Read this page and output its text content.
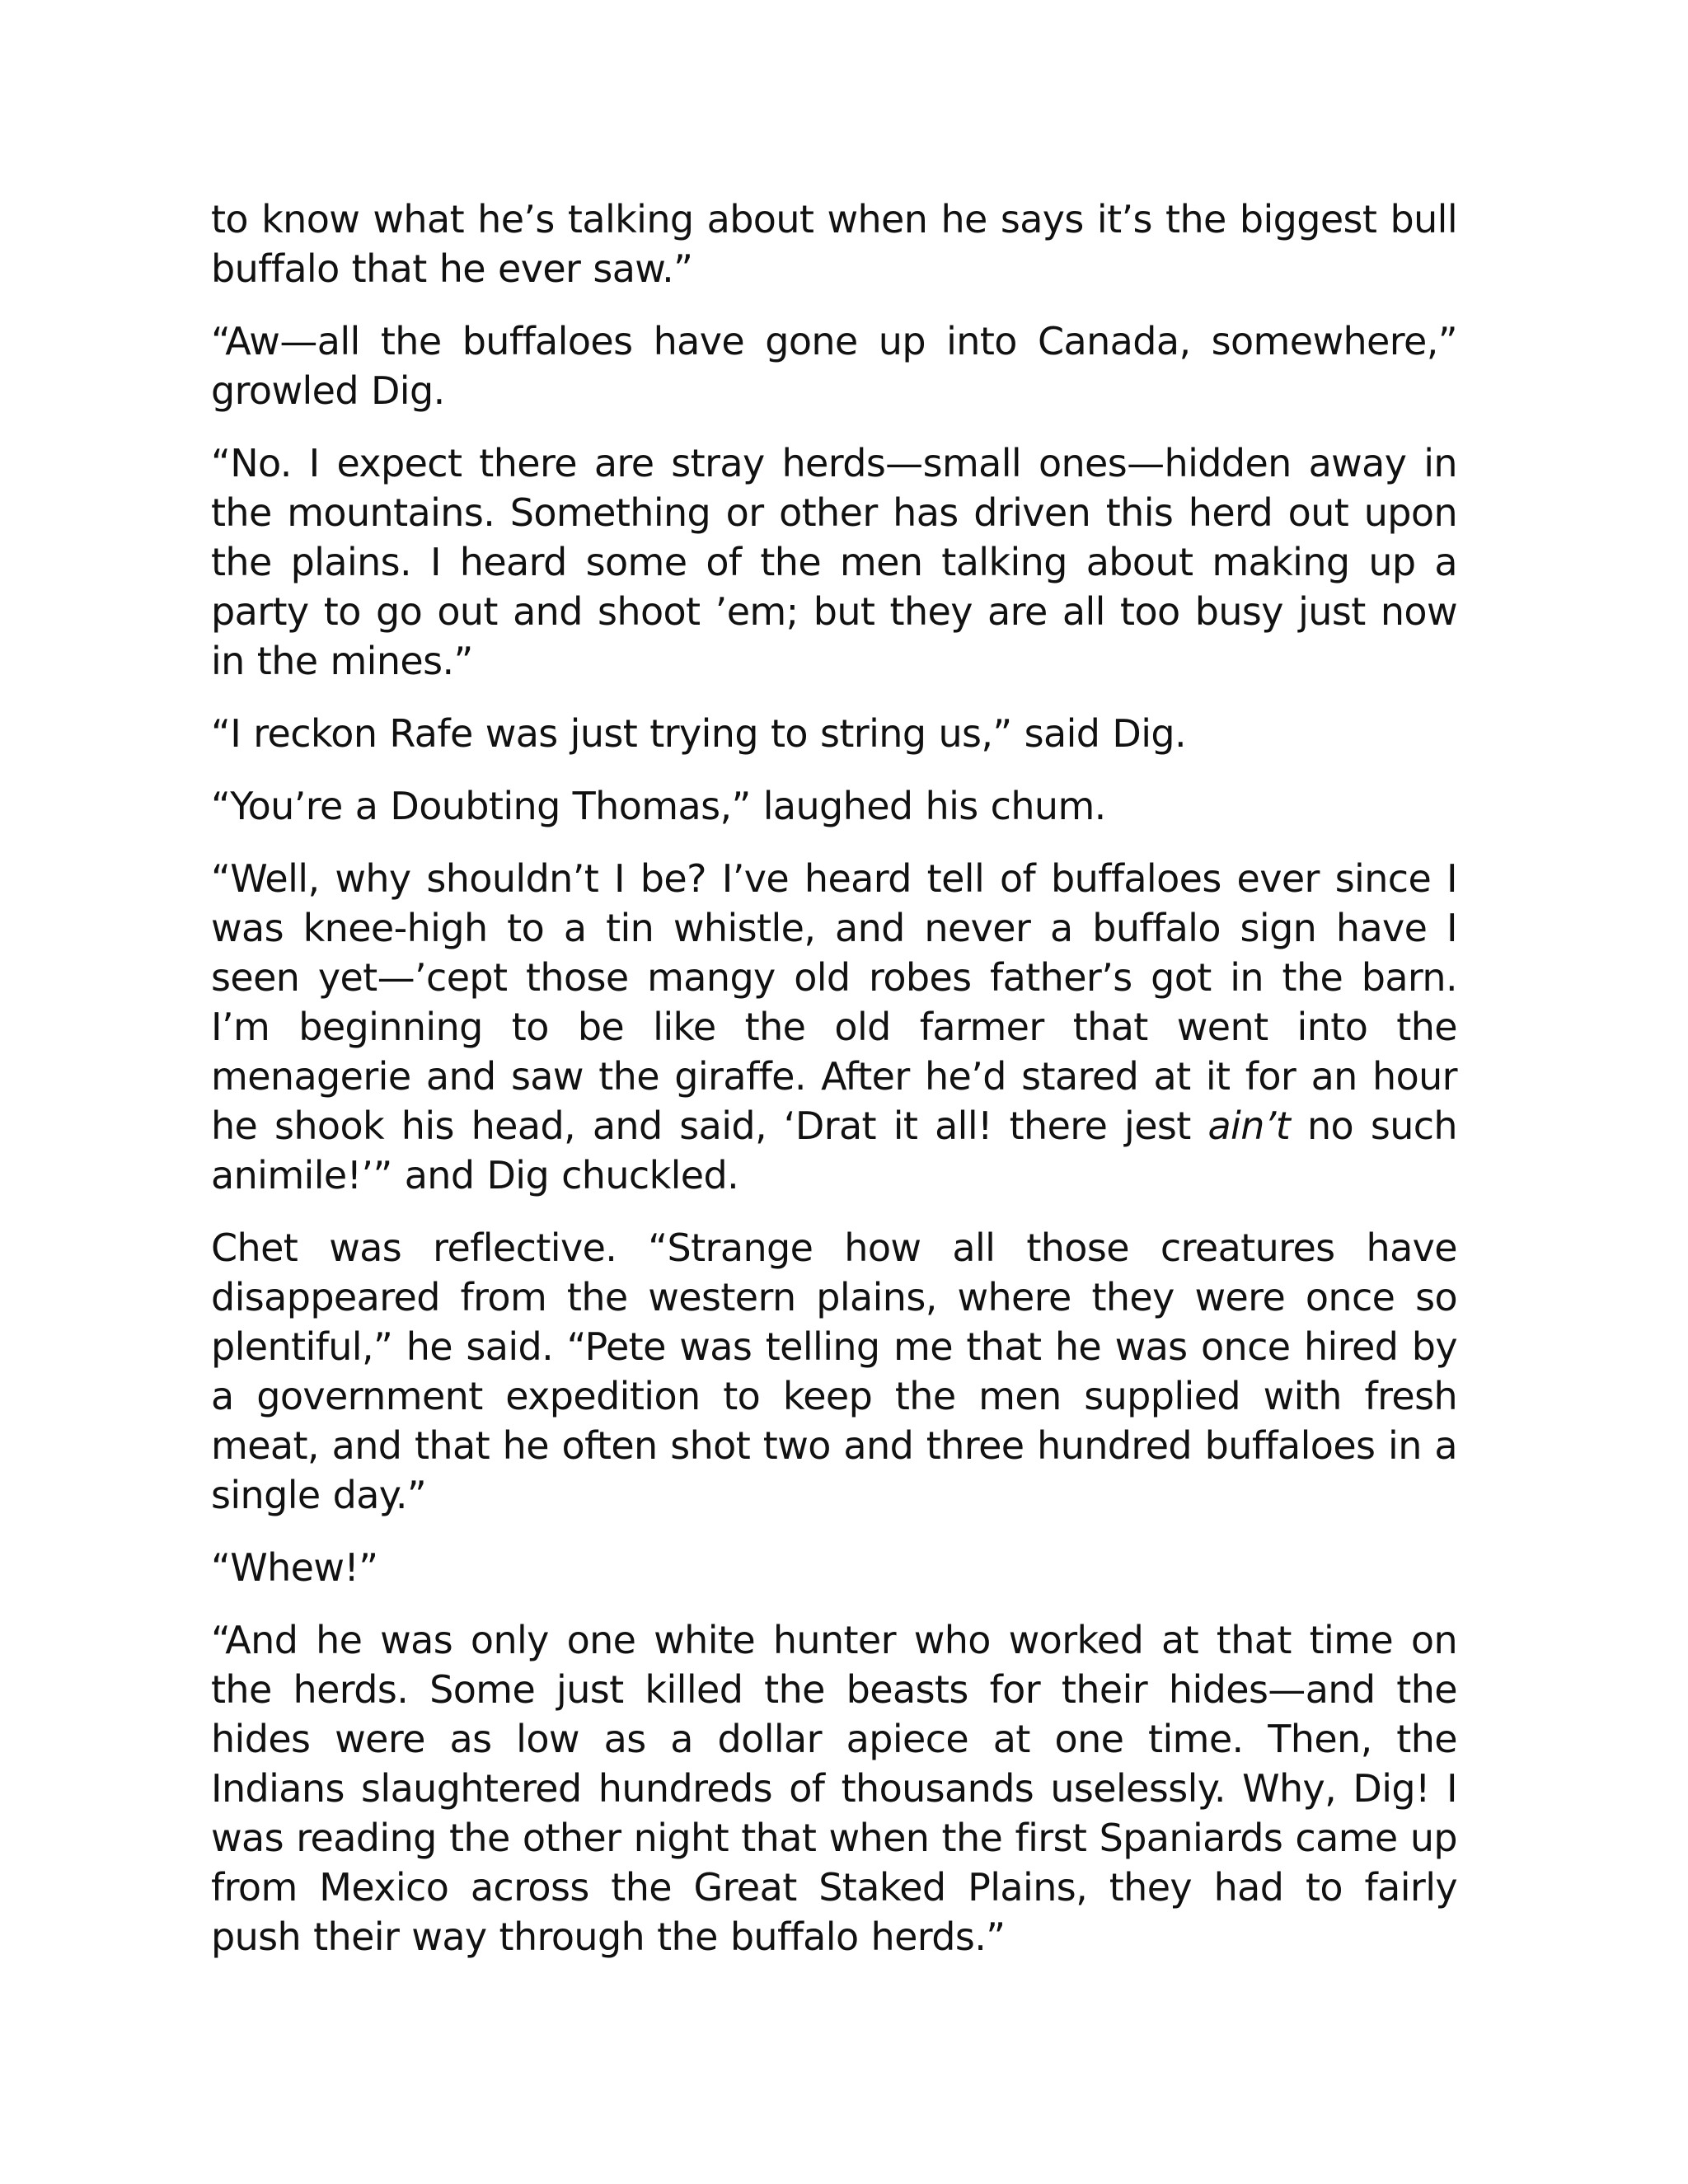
to know what he’s talking about when he says it’s the biggest bull buffalo that he ever saw.”

“Aw—all the buffaloes have gone up into Canada, somewhere,” growled Dig.

“No. I expect there are stray herds—small ones—hidden away in the mountains. Something or other has driven this herd out upon the plains. I heard some of the men talking about making up a party to go out and shoot ’em; but they are all too busy just now in the mines.”

“I reckon Rafe was just trying to string us,” said Dig.

“You’re a Doubting Thomas,” laughed his chum.

“Well, why shouldn’t I be? I’ve heard tell of buffaloes ever since I was knee-high to a tin whistle, and never a buffalo sign have I seen yet—’cept those mangy old robes father’s got in the barn. I’m beginning to be like the old farmer that went into the menagerie and saw the giraffe. After he’d stared at it for an hour he shook his head, and said, ‘Drat it all! there jest ain’t no such animile!’” and Dig chuckled.

Chet was reflective. “Strange how all those creatures have disappeared from the western plains, where they were once so plentiful,” he said. “Pete was telling me that he was once hired by a government expedition to keep the men supplied with fresh meat, and that he often shot two and three hundred buffaloes in a single day.”

“Whew!”

“And he was only one white hunter who worked at that time on the herds. Some just killed the beasts for their hides—and the hides were as low as a dollar apiece at one time. Then, the Indians slaughtered hundreds of thousands uselessly. Why, Dig! I was reading the other night that when the first Spaniards came up from Mexico across the Great Staked Plains, they had to fairly push their way through the buffalo herds.”
